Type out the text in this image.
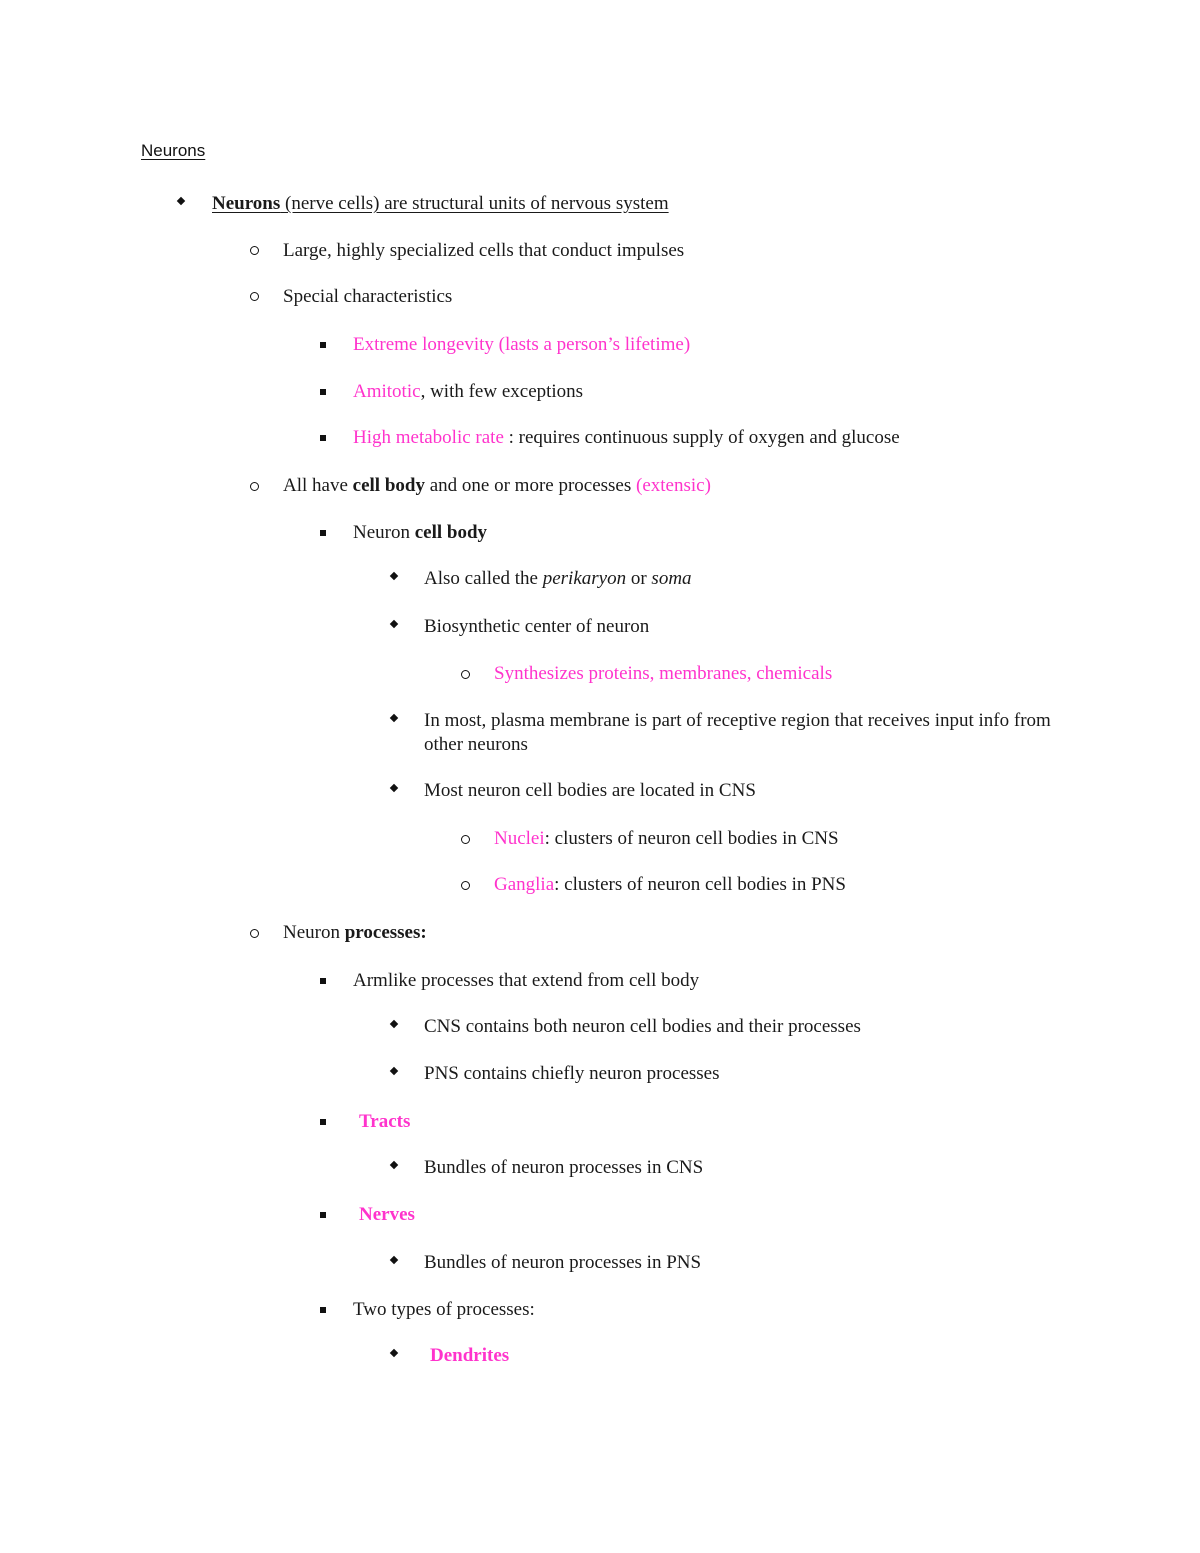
Neurons
Neurons (nerve cells) are structural units of nervous system
Large, highly specialized cells that conduct impulses
Special characteristics
Extreme longevity (lasts a person’s lifetime)
Amitotic, with few exceptions
High metabolic rate : requires continuous supply of oxygen and glucose
All have cell body and one or more processes (extensic)
Neuron cell body
Also called the perikaryon or soma
Biosynthetic center of neuron
Synthesizes proteins, membranes, chemicals
In most, plasma membrane is part of receptive region that receives input info from other neurons
Most neuron cell bodies are located in CNS
Nuclei: clusters of neuron cell bodies in CNS
Ganglia: clusters of neuron cell bodies in PNS
Neuron processes:
Armlike processes that extend from cell body
CNS contains both neuron cell bodies and their processes
PNS contains chiefly neuron processes
Tracts
Bundles of neuron processes in CNS
Nerves
Bundles of neuron processes in PNS
Two types of processes:
Dendrites
